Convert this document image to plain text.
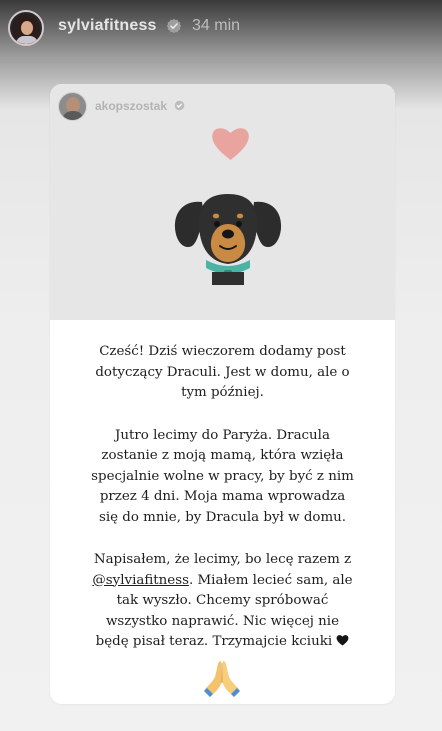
sylviafitness 34 min
akopszostak

Cześć! Dziś wieczorem dodamy post
dotyczący Draculi. Jest w domu, ale o
tym później.

Jutro lecimy do Paryża. Dracula
zostanie z moją mamą, która wzięła
specjalnie wolne w pracy, by być z nim
przez 4 dni. Moja mama wprowadza
się do mnie, by Dracula był w domu.

Napisałem, że lecimy, bo lecę razem z
@sylviafitness. Miałem lecieć sam, ale
tak wyszło. Chcemy spróbować
wszystko naprawić. Nic więcej nie
będę pisał teraz. Trzymajcie kciuki
